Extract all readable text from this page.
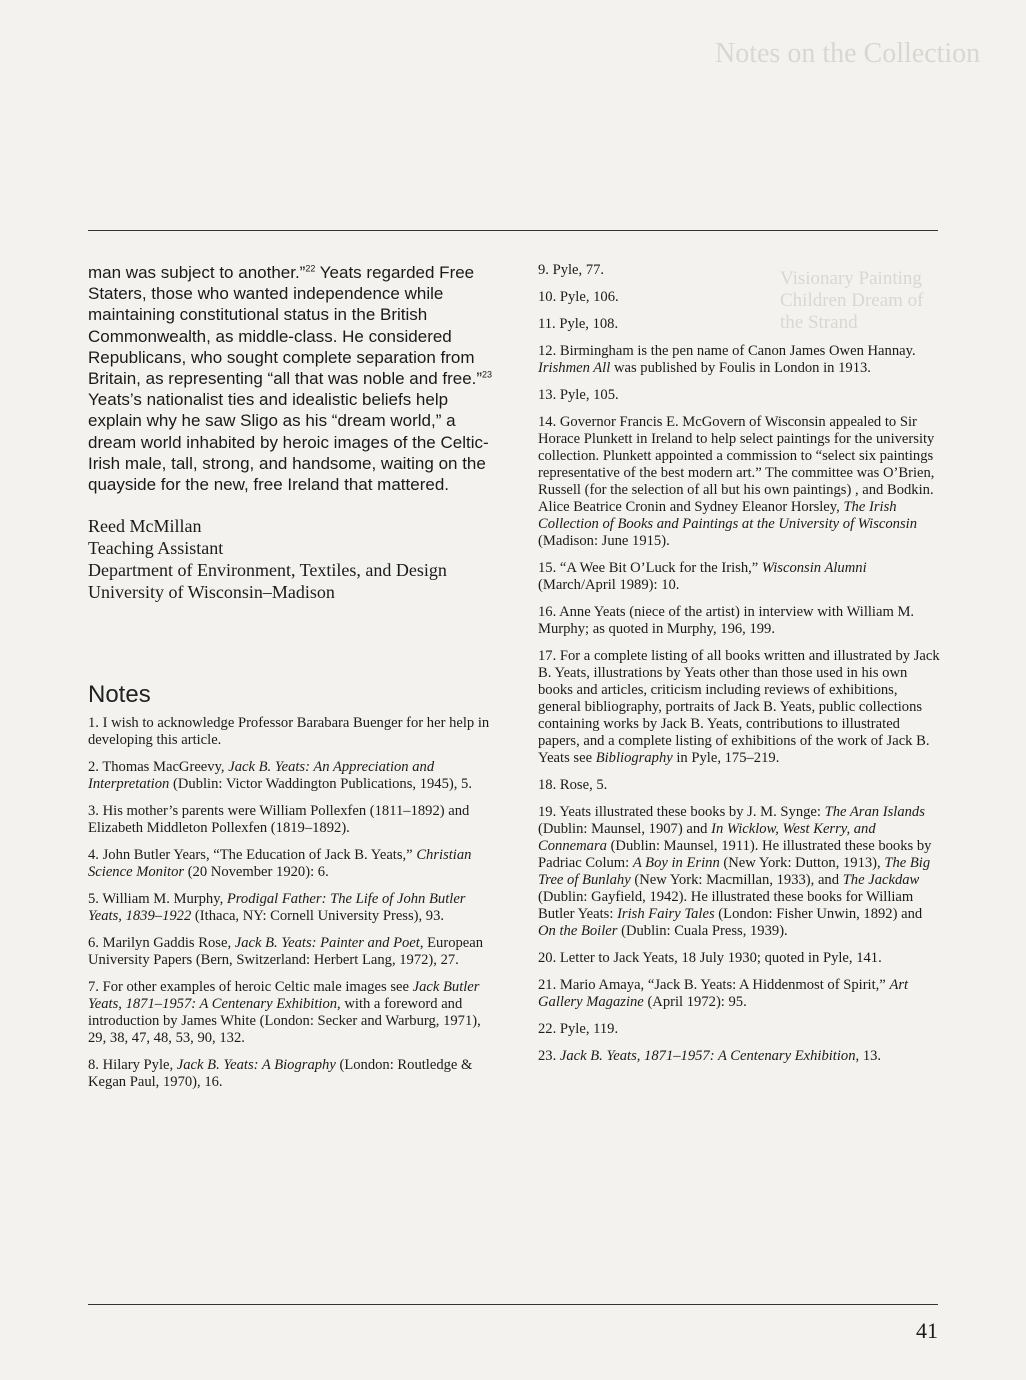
Notes on the Collection
Visionary Painting Children Dream of the Strand

man was subject to another.”$^{22}$ Yeats regarded Free Staters, those who wanted independence while maintaining constitutional status in the British Commonwealth, as middle-class. He considered Republicans, who sought complete separation from Britain, as representing “all that was noble and free.”$^{23}$ Yeats’s nationalist ties and idealistic beliefs help explain why he saw Sligo as his “dream world,” a dream world inhabited by heroic images of the Celtic-Irish male, tall, strong, and handsome, waiting on the quayside for the new, free Ireland that mattered.

Reed McMillan
Teaching Assistant
Department of Environment, Textiles, and Design
University of Wisconsin–Madison
Notes

1. I wish to acknowledge Professor Barabara Buenger for her help in developing this article.

2. Thomas MacGreevy, Jack B. Yeats: An Appreciation and Interpretation (Dublin: Victor Waddington Publications, 1945), 5.

3. His mother’s parents were William Pollexfen (1811–1892) and Elizabeth Middleton Pollexfen (1819–1892).

4. John Butler Years, “The Education of Jack B. Yeats,” Christian Science Monitor (20 November 1920): 6.

5. William M. Murphy, Prodigal Father: The Life of John Butler Yeats, 1839–1922 (Ithaca, NY: Cornell University Press), 93.

6. Marilyn Gaddis Rose, Jack B. Yeats: Painter and Poet, European University Papers (Bern, Switzerland: Herbert Lang, 1972), 27.

7. For other examples of heroic Celtic male images see Jack Butler Yeats, 1871–1957: A Centenary Exhibition, with a foreword and introduction by James White (London: Secker and Warburg, 1971), 29, 38, 47, 48, 53, 90, 132.

8. Hilary Pyle, Jack B. Yeats: A Biography (London: Routledge & Kegan Paul, 1970), 16.

9. Pyle, 77.

10. Pyle, 106.

11. Pyle, 108.

12. Birmingham is the pen name of Canon James Owen Hannay. Irishmen All was published by Foulis in London in 1913.

13. Pyle, 105.

14. Governor Francis E. McGovern of Wisconsin appealed to Sir Horace Plunkett in Ireland to help select paintings for the university collection. Plunkett appointed a commission to “select six paintings representative of the best modern art.” The committee was O’Brien, Russell (for the selection of all but his own paintings) , and Bodkin. Alice Beatrice Cronin and Sydney Eleanor Horsley, The Irish Collection of Books and Paintings at the University of Wisconsin (Madison: June 1915).

15. “A Wee Bit O’Luck for the Irish,” Wisconsin Alumni (March/April 1989): 10.

16. Anne Yeats (niece of the artist) in interview with William M. Murphy; as quoted in Murphy, 196, 199.

17. For a complete listing of all books written and illustrated by Jack B. Yeats, illustrations by Yeats other than those used in his own books and articles, criticism including reviews of exhibitions, general bibliography, portraits of Jack B. Yeats, public collections containing works by Jack B. Yeats, contributions to illustrated papers, and a complete listing of exhibitions of the work of Jack B. Yeats see Bibliography in Pyle, 175–219.

18. Rose, 5.

19. Yeats illustrated these books by J. M. Synge: The Aran Islands (Dublin: Maunsel, 1907) and In Wicklow, West Kerry, and Connemara (Dublin: Maunsel, 1911). He illustrated these books by Padriac Colum: A Boy in Erinn (New York: Dutton, 1913), The Big Tree of Bunlahy (New York: Macmillan, 1933), and The Jackdaw (Dublin: Gayfield, 1942). He illustrated these books for William Butler Yeats: Irish Fairy Tales (London: Fisher Unwin, 1892) and On the Boiler (Dublin: Cuala Press, 1939).

20. Letter to Jack Yeats, 18 July 1930; quoted in Pyle, 141.

21. Mario Amaya, “Jack B. Yeats: A Hiddenmost of Spirit,” Art Gallery Magazine (April 1972): 95.

22. Pyle, 119.

23. Jack B. Yeats, 1871–1957: A Centenary Exhibition, 13.

41
